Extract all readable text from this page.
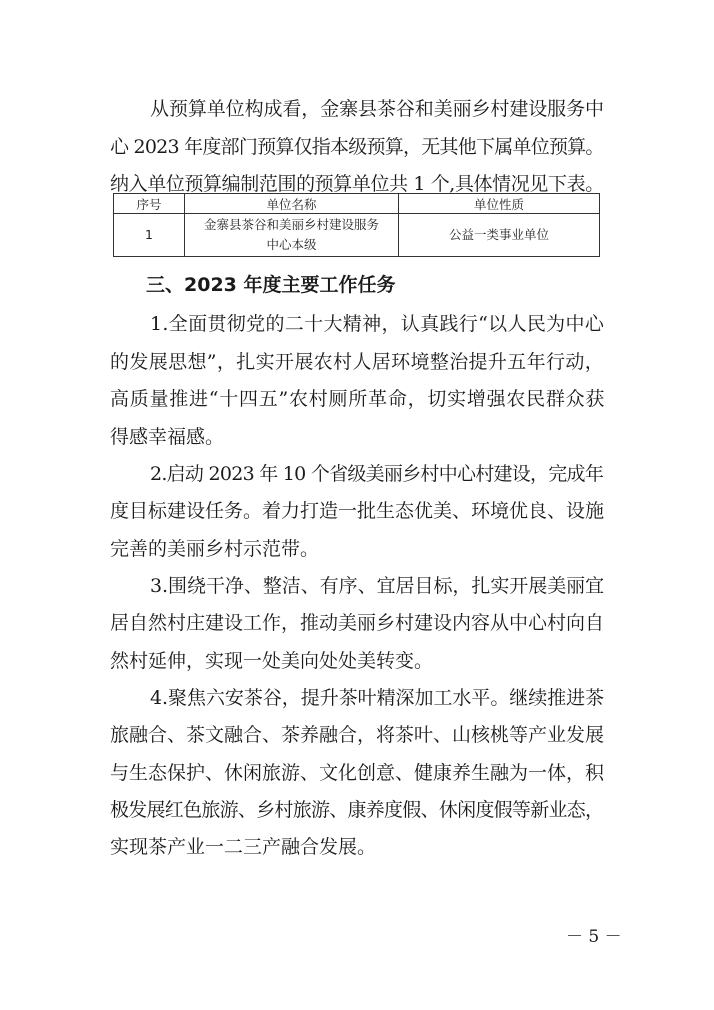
从预算单位构成看，金寨县茶谷和美丽乡村建设服务中
心 2023 年度部门预算仅指本级预算，无其他下属单位预算。
纳入单位预算编制范围的预算单位共 1 个,具体情况见下表。
序号	单位名称	单位性质
1	金寨县茶谷和美丽乡村建设服务
中心本级	公益一类事业单位
三、2023 年度主要工作任务
1.全面贯彻党的二十大精神，认真践行“以人民为中心
的发展思想”，扎实开展农村人居环境整治提升五年行动，
高质量推进“十四五”农村厕所革命，切实增强农民群众获
得感幸福感。
2.启动 2023 年 10 个省级美丽乡村中心村建设，完成年
度目标建设任务。着力打造一批生态优美、环境优良、设施
完善的美丽乡村示范带。
3.围绕干净、整洁、有序、宜居目标，扎实开展美丽宜
居自然村庄建设工作，推动美丽乡村建设内容从中心村向自
然村延伸，实现一处美向处处美转变。
4.聚焦六安茶谷，提升茶叶精深加工水平。继续推进茶
旅融合、茶文融合、茶养融合，将茶叶、山核桃等产业发展
与生态保护、休闲旅游、文化创意、健康养生融为一体，积
极发展红色旅游、乡村旅游、康养度假、休闲度假等新业态，
实现茶产业一二三产融合发展。
－ 5 －
